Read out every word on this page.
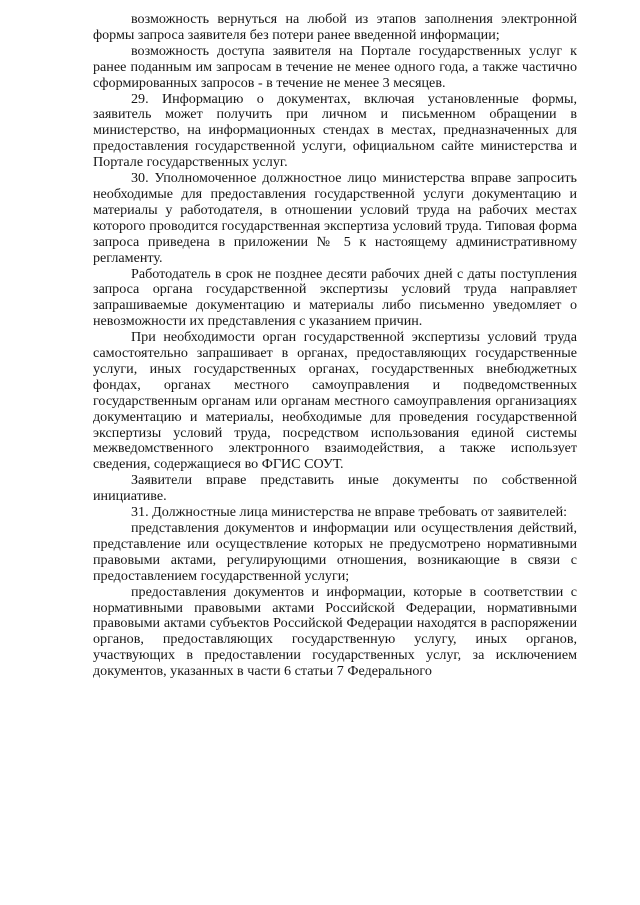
возможность вернуться на любой из этапов заполнения электронной формы запроса заявителя без потери ранее введенной информации;

возможность доступа заявителя на Портале государственных услуг к ранее поданным им запросам в течение не менее одного года, а также частично сформированных запросов - в течение не менее 3 месяцев.

29. Информацию о документах, включая установленные формы, заявитель может получить при личном и письменном обращении в министерство, на информационных стендах в местах, предназначенных для предоставления государственной услуги, официальном сайте министерства и Портале государственных услуг.

30. Уполномоченное должностное лицо министерства вправе запросить необходимые для предоставления государственной услуги документацию и материалы у работодателя, в отношении условий труда на рабочих местах которого проводится государственная экспертиза условий труда. Типовая форма запроса приведена в приложении № 5 к настоящему административному регламенту.

Работодатель в срок не позднее десяти рабочих дней с даты поступления запроса органа государственной экспертизы условий труда направляет запрашиваемые документацию и материалы либо письменно уведомляет о невозможности их представления с указанием причин.

При необходимости орган государственной экспертизы условий труда самостоятельно запрашивает в органах, предоставляющих государственные услуги, иных государственных органах, государственных внебюджетных фондах, органах местного самоуправления и подведомственных государственным органам или органам местного самоуправления организациях документацию и материалы, необходимые для проведения государственной экспертизы условий труда, посредством использования единой системы межведомственного электронного взаимодействия, а также использует сведения, содержащиеся во ФГИС СОУТ.

Заявители вправе представить иные документы по собственной инициативе.

31. Должностные лица министерства не вправе требовать от заявителей:

представления документов и информации или осуществления действий, представление или осуществление которых не предусмотрено нормативными правовыми актами, регулирующими отношения, возникающие в связи с предоставлением государственной услуги;

предоставления документов и информации, которые в соответствии с нормативными правовыми актами Российской Федерации, нормативными правовыми актами субъектов Российской Федерации находятся в распоряжении органов, предоставляющих государственную услугу, иных органов, участвующих в предоставлении государственных услуг, за исключением документов, указанных в части 6 статьи 7 Федерального
